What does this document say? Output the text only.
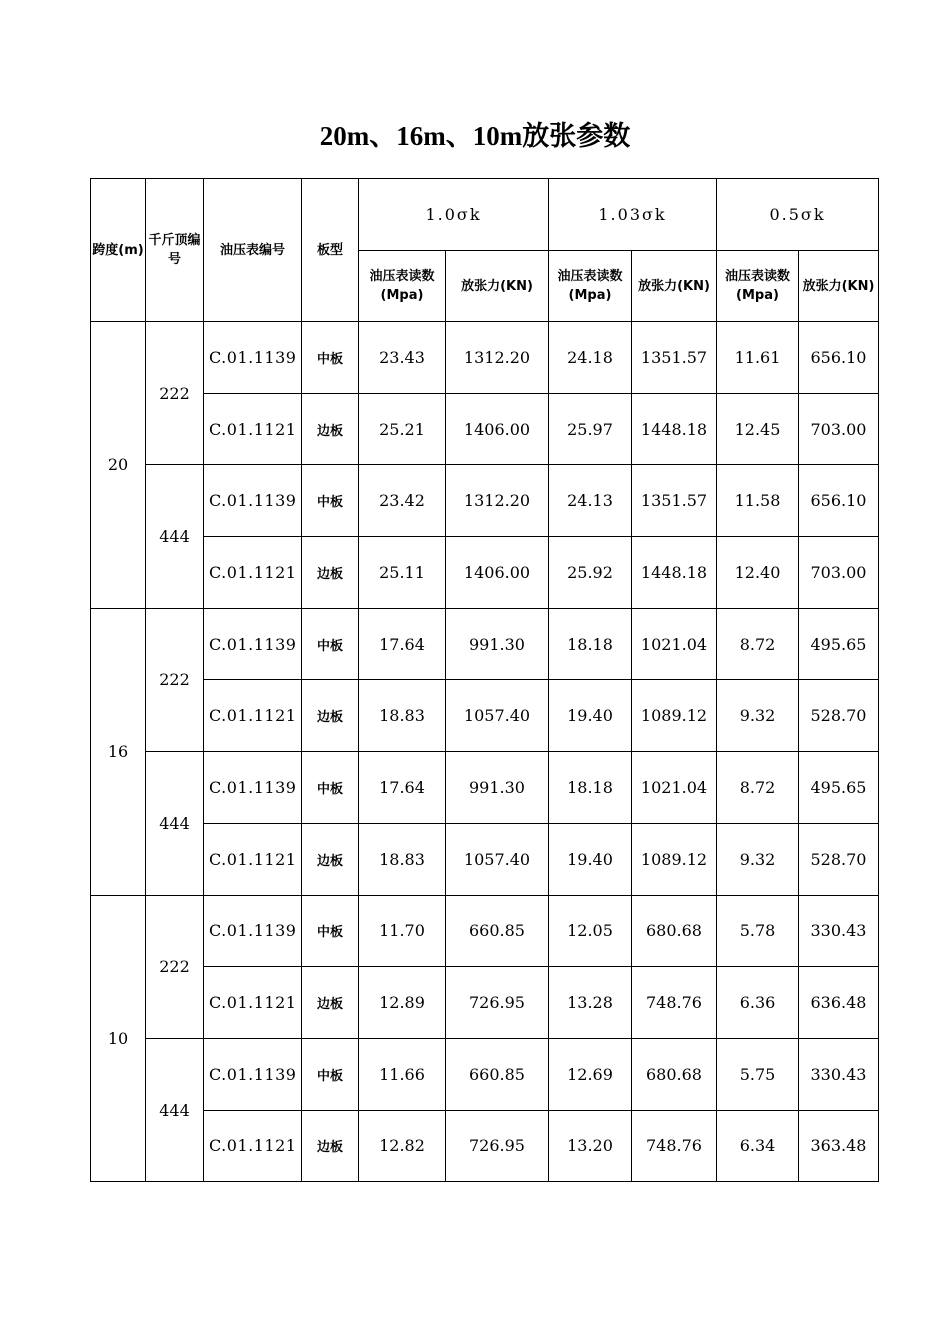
20m、16m、10m放张参数
跨度(m)	千斤顶编号	油压表编号	板型	1.0σk		1.03σk		0.5σk	
				油压表读数(Mpa)	放张力(KN)	油压表读数(Mpa)	放张力(KN)	油压表读数(Mpa)	放张力(KN)
20	222	C.01.1139	中板	23.43	1312.20	24.18	1351.57	11.61	656.10
		C.01.1121	边板	25.21	1406.00	25.97	1448.18	12.45	703.00
	444	C.01.1139	中板	23.42	1312.20	24.13	1351.57	11.58	656.10
		C.01.1121	边板	25.11	1406.00	25.92	1448.18	12.40	703.00
16	222	C.01.1139	中板	17.64	991.30	18.18	1021.04	8.72	495.65
		C.01.1121	边板	18.83	1057.40	19.40	1089.12	9.32	528.70
	444	C.01.1139	中板	17.64	991.30	18.18	1021.04	8.72	495.65
		C.01.1121	边板	18.83	1057.40	19.40	1089.12	9.32	528.70
10	222	C.01.1139	中板	11.70	660.85	12.05	680.68	5.78	330.43
		C.01.1121	边板	12.89	726.95	13.28	748.76	6.36	636.48
	444	C.01.1139	中板	11.66	660.85	12.69	680.68	5.75	330.43
		C.01.1121	边板	12.82	726.95	13.20	748.76	6.34	363.48
